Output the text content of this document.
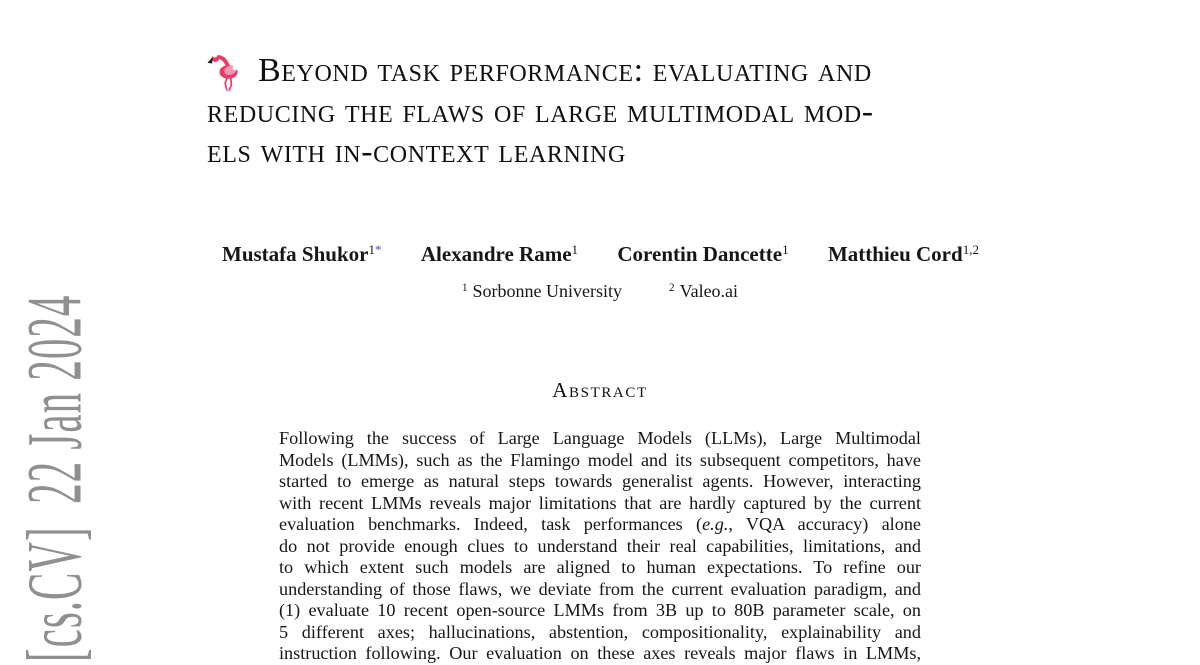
[cs.CV]  22 Jan 2024
Beyond task performance: evaluating and
reducing the flaws of large multimodal mod-
els with in-context learning
Mustafa Shukor$^{1*}$ Alexandre Rame$^1$ Corentin Dancette$^1$ Matthieu Cord$^{1,2}$
$^1$ Sorbonne University	$^2$ Valeo.ai
Abstract
Following the success of Large Language Models (LLMs), Large Multimodal
Models (LMMs), such as the Flamingo model and its subsequent competitors, have
started to emerge as natural steps towards generalist agents. However, interacting
with recent LMMs reveals major limitations that are hardly captured by the current
evaluation benchmarks. Indeed, task performances (e.g., VQA accuracy) alone
do not provide enough clues to understand their real capabilities, limitations, and
to which extent such models are aligned to human expectations. To refine our
understanding of those flaws, we deviate from the current evaluation paradigm, and
(1) evaluate 10 recent open-source LMMs from 3B up to 80B parameter scale, on
5 different axes; hallucinations, abstention, compositionality, explainability and
instruction following. Our evaluation on these axes reveals major flaws in LMMs,
